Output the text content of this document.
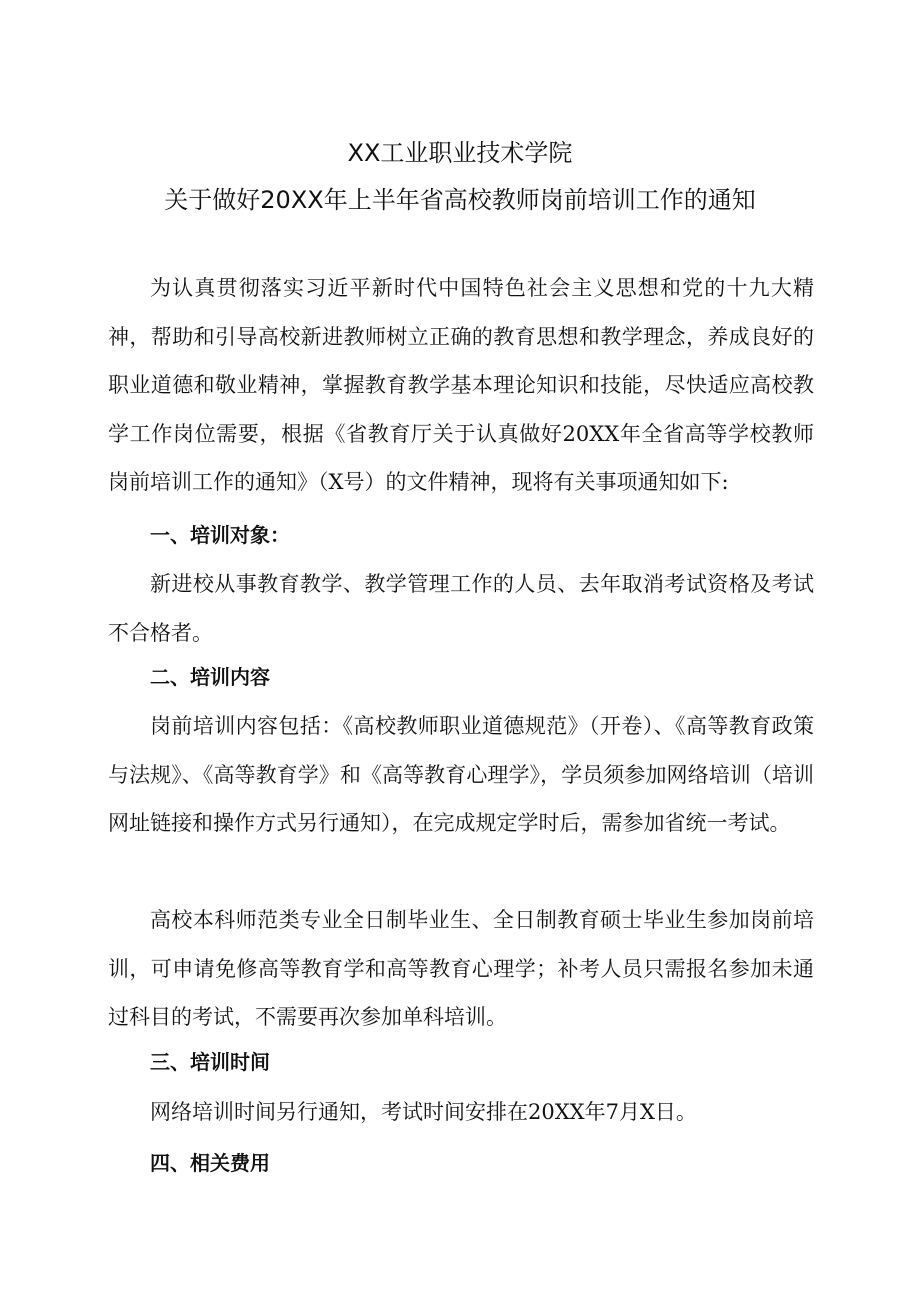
XX工业职业技术学院
关于做好20XX年上半年省高校教师岗前培训工作的通知

为认真贯彻落实习近平新时代中国特色社会主义思想和党的十九大精神，帮助和引导高校新进教师树立正确的教育思想和教学理念，养成良好的职业道德和敬业精神，掌握教育教学基本理论知识和技能，尽快适应高校教学工作岗位需要，根据《省教育厅关于认真做好20XX年全省高等学校教师岗前培训工作的通知》（X号）的文件精神，现将有关事项通知如下:

一、培训对象：

新进校从事教育教学、教学管理工作的人员、去年取消考试资格及考试不合格者。

二、培训内容

岗前培训内容包括：《高校教师职业道德规范》（开卷）、《高等教育政策与法规》、《高等教育学》和《高等教育心理学》，学员须参加网络培训（培训网址链接和操作方式另行通知），在完成规定学时后，需参加省统一考试。

高校本科师范类专业全日制毕业生、全日制教育硕士毕业生参加岗前培训，可申请免修高等教育学和高等教育心理学；补考人员只需报名参加未通过科目的考试，不需要再次参加单科培训。

三、培训时间

网络培训时间另行通知，考试时间安排在20XX年7月X日。

四、相关费用
